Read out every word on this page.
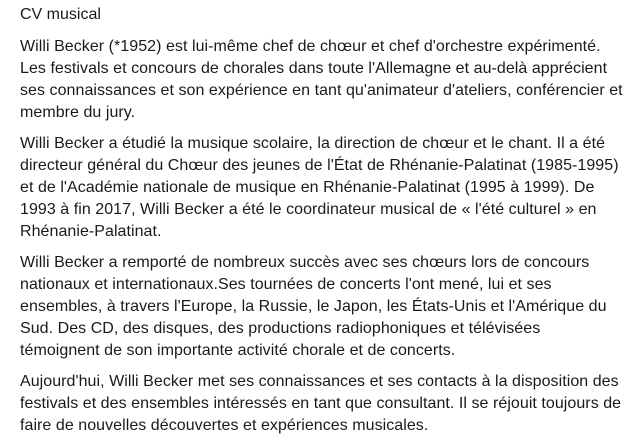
CV musical

Willi Becker (*1952) est lui-même chef de chœur et chef d'orchestre expérimenté. Les festivals et concours de chorales dans toute l'Allemagne et au-delà apprécient ses connaissances et son expérience en tant qu'animateur d'ateliers, conférencier et membre du jury.

Willi Becker a étudié la musique scolaire, la direction de chœur et le chant. Il a été directeur général du Chœur des jeunes de l'État de Rhénanie-Palatinat (1985-1995) et de l'Académie nationale de musique en Rhénanie-Palatinat (1995 à 1999). De 1993 à fin 2017, Willi Becker a été le coordinateur musical de « l'été culturel » en Rhénanie-Palatinat.

Willi Becker a remporté de nombreux succès avec ses chœurs lors de concours nationaux et internationaux.Ses tournées de concerts l'ont mené, lui et ses ensembles, à travers l'Europe, la Russie, le Japon, les États-Unis et l'Amérique du Sud. Des CD, des disques, des productions radiophoniques et télévisées témoignent de son importante activité chorale et de concerts.

Aujourd'hui, Willi Becker met ses connaissances et ses contacts à la disposition des festivals et des ensembles intéressés en tant que consultant. Il se réjouit toujours de faire de nouvelles découvertes et expériences musicales.
